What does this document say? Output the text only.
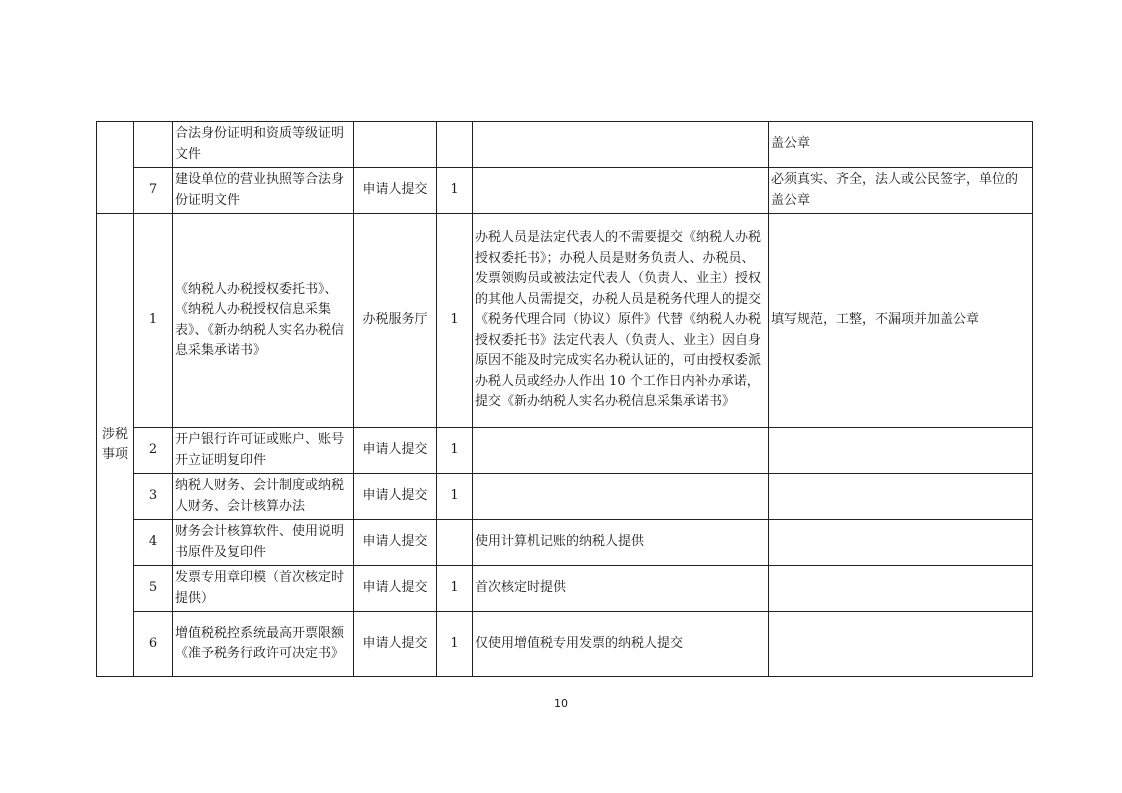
		合法身份证明和资质等级证明文件				盖公章
	7	建设单位的营业执照等合法身份证明文件	申请人提交	1		必须真实、齐全，法人或公民签字，单位的盖公章
涉税事项	1	《纳税人办税授权委托书》、《纳税人办税授权信息采集表》、《新办纳税人实名办税信息采集承诺书》	办税服务厅	1	办税人员是法定代表人的不需要提交《纳税人办税授权委托书》；办税人员是财务负责人、办税员、发票领购员或被法定代表人（负责人、业主）授权的其他人员需提交，办税人员是税务代理人的提交《税务代理合同（协议）原件》代替《纳税人办税授权委托书》法定代表人（负责人、业主）因自身原因不能及时完成实名办税认证的，可由授权委派办税人员或经办人作出 10 个工作日内补办承诺，提交《新办纳税人实名办税信息采集承诺书》	填写规范，工整，不漏项并加盖公章
	2	开户银行许可证或账户、账号开立证明复印件	申请人提交	1		
	3	纳税人财务、会计制度或纳税人财务、会计核算办法	申请人提交	1		
	4	财务会计核算软件、使用说明书原件及复印件	申请人提交		使用计算机记账的纳税人提供	
	5	发票专用章印模（首次核定时提供）	申请人提交	1	首次核定时提供	
	6	增值税税控系统最高开票限额《准予税务行政许可决定书》	申请人提交	1	仅使用增值税专用发票的纳税人提交	
10
